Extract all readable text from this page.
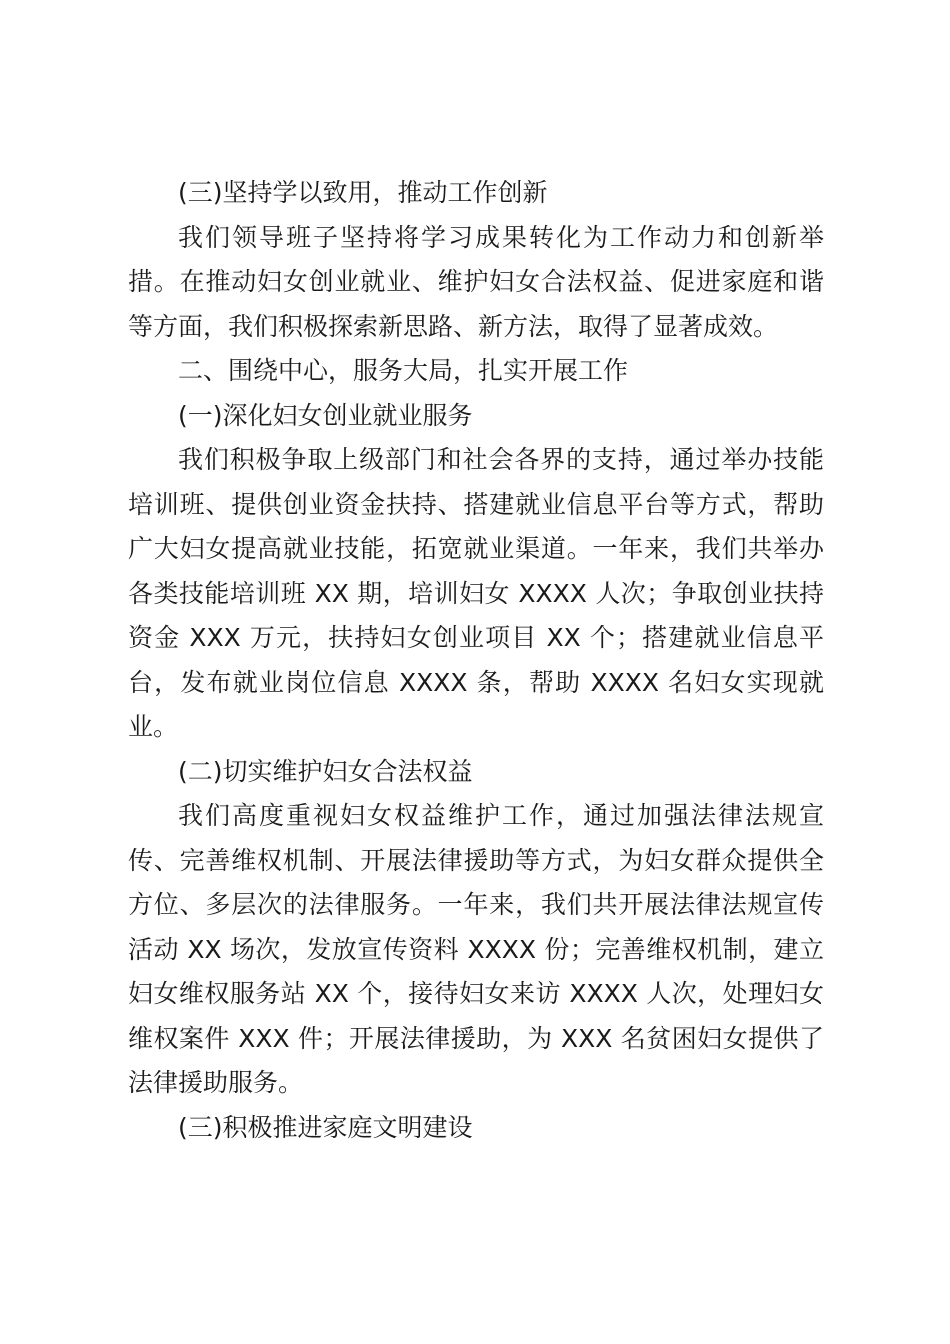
(三)坚持学以致用，推动工作创新

我们领导班子坚持将学习成果转化为工作动力和创新举措。在推动妇女创业就业、维护妇女合法权益、促进家庭和谐等方面，我们积极探索新思路、新方法，取得了显著成效。

二、围绕中心，服务大局，扎实开展工作

(一)深化妇女创业就业服务

我们积极争取上级部门和社会各界的支持，通过举办技能培训班、提供创业资金扶持、搭建就业信息平台等方式，帮助广大妇女提高就业技能，拓宽就业渠道。一年来，我们共举办各类技能培训班 XX 期，培训妇女 XXXX 人次；争取创业扶持资金 XXX 万元，扶持妇女创业项目 XX 个；搭建就业信息平台，发布就业岗位信息 XXXX 条，帮助 XXXX 名妇女实现就业。

(二)切实维护妇女合法权益

我们高度重视妇女权益维护工作，通过加强法律法规宣传、完善维权机制、开展法律援助等方式，为妇女群众提供全方位、多层次的法律服务。一年来，我们共开展法律法规宣传活动 XX 场次，发放宣传资料 XXXX 份；完善维权机制，建立妇女维权服务站 XX 个，接待妇女来访 XXXX 人次，处理妇女维权案件 XXX 件；开展法律援助，为 XXX 名贫困妇女提供了法律援助服务。

(三)积极推进家庭文明建设
